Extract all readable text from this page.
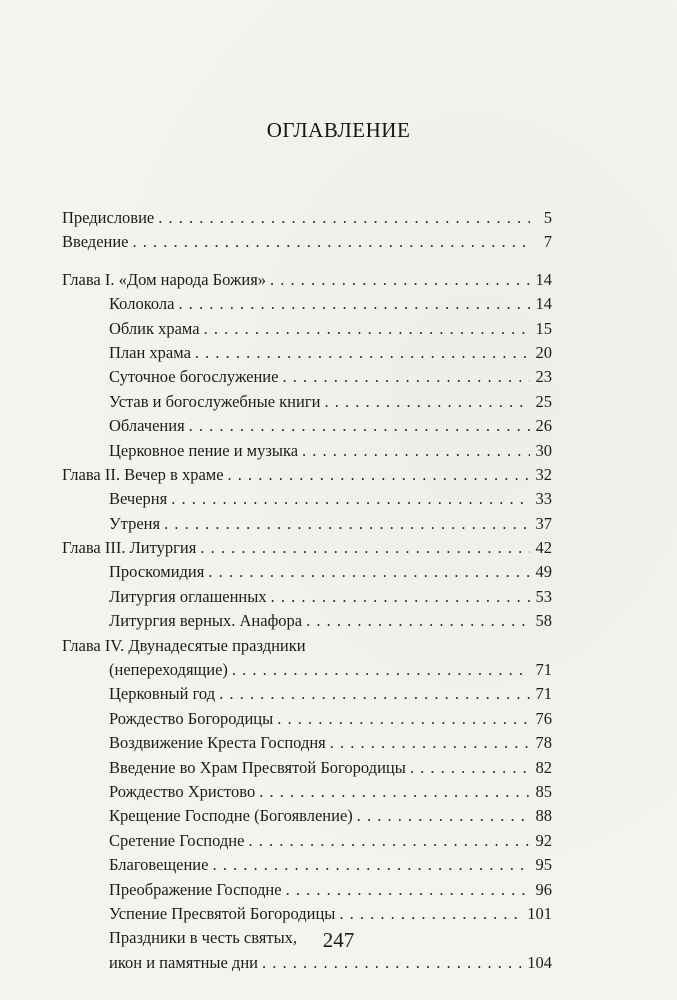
ОГЛАВЛЕНИЕ
Предисловие . . .	5
Введение . . .	7
Глава I. «Дом народа Божия» . . .	14
Колокола . . .	14
Облик храма . . .	15
План храма . . .	20
Суточное богослужение . . .	23
Устав и богослужебные книги . . .	25
Облачения . . .	26
Церковное пение и музыка . . .	30
Глава II. Вечер в храме . . .	32
Вечерня . . .	33
Утреня . . .	37
Глава III. Литургия . . .	42
Проскомидия . . .	49
Литургия оглашенных . . .	53
Литургия верных. Анафора . . .	58
Глава IV. Двунадесятые праздники
(непереходящие) . . .	71
Церковный год . . .	71
Рождество Богородицы . . .	76
Воздвижение Креста Господня . . .	78
Введение во Храм Пресвятой Богородицы . . .	82
Рождество Христово . . .	85
Крещение Господне (Богоявление) . . .	88
Сретение Господне . . .	92
Благовещение . . .	95
Преображение Господне . . .	96
Успение Пресвятой Богородицы . . .	101
Праздники в честь святых,
икон и памятные дни . . .	104
247
